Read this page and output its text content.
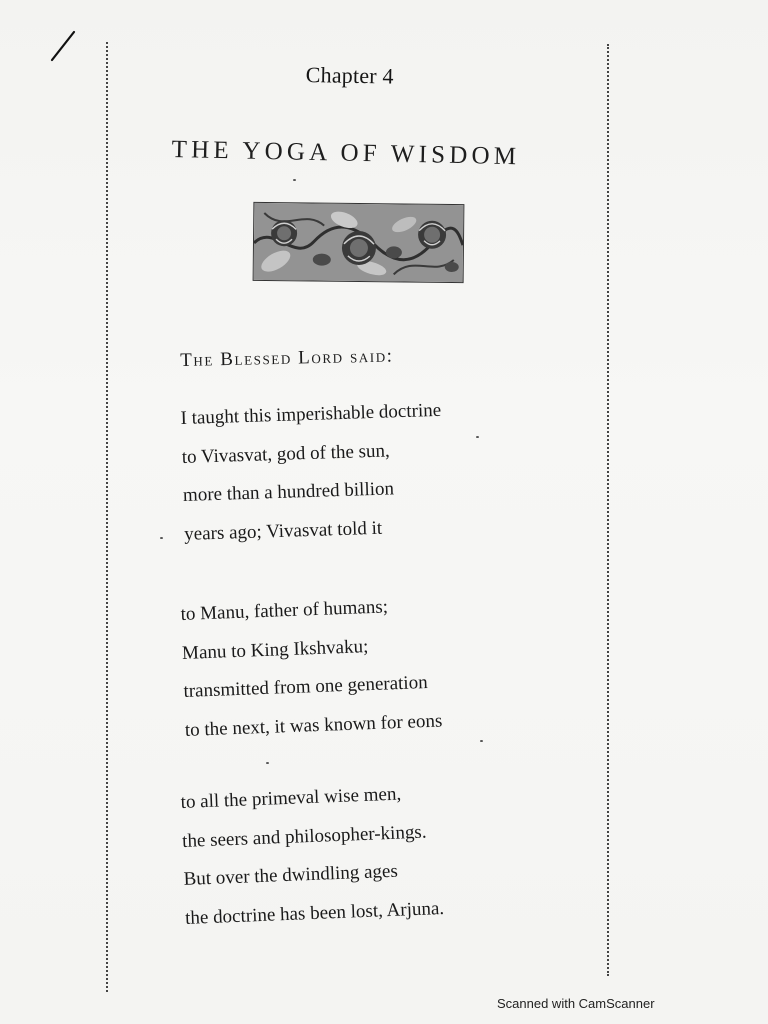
Chapter 4
THE YOGA OF WISDOM
The Blessed Lord said:
I taught this imperishable doctrine
to Vivasvat, god of the sun,
more than a hundred billion
years ago; Vivasvat told it
to Manu, father of humans;
Manu to King Ikshvaku;
transmitted from one generation
to the next, it was known for eons
to all the primeval wise men,
the seers and philosopher-kings.
But over the dwindling ages
the doctrine has been lost, Arjuna.
Scanned with CamScanner
